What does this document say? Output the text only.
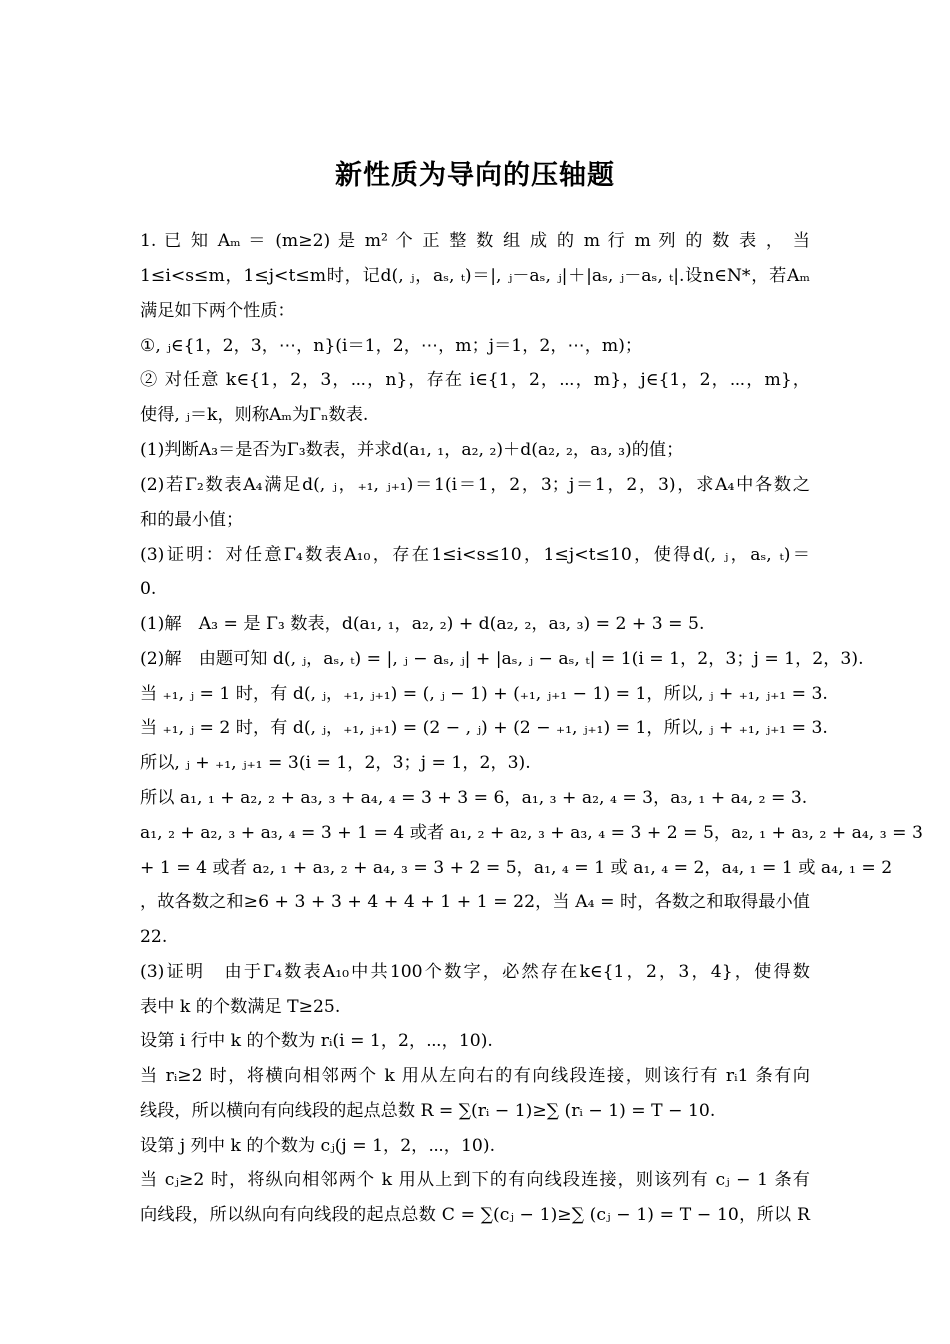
新性质为导向的压轴题
1. 已 知 Aₘ ＝ (m≥2) 是 m² 个 正 整 数 组 成 的 m 行 m 列 的 数 表 ， 当
1≤i<s≤m，1≤j<t≤m时，记d(, ⱼ，aₛ, ₜ)＝|, ⱼ－aₛ, ⱼ|＋|aₛ, ⱼ－aₛ, ₜ|.设n∈N*，若Aₘ
满足如下两个性质：
①, ⱼ∈{1，2，3，⋯，n}(i＝1，2，⋯，m；j＝1，2，⋯，m)；
② 对任意 k∈{1，2，3，⋯，n}，存在 i∈{1，2，⋯，m}，j∈{1，2，⋯，m}，
使得, ⱼ＝k，则称Aₘ为Γₙ数表.
(1)判断A₃＝是否为Γ₃数表，并求d(a₁, ₁，a₂, ₂)＋d(a₂, ₂，a₃, ₃)的值；
(2)若Γ₂数表A₄满足d(, ⱼ，₊₁, ⱼ₊₁)＝1(i＝1，2，3；j＝1，2，3)，求A₄中各数之
和的最小值；
(3)证明：对任意Γ₄数表A₁₀，存在1≤i<s≤10，1≤j<t≤10，使得d(, ⱼ，aₛ, ₜ)＝
0.
(1)解　A₃ = 是 Γ₃ 数表，d(a₁, ₁，a₂, ₂) + d(a₂, ₂，a₃, ₃) = 2 + 3 = 5.
(2)解　由题可知 d(, ⱼ，aₛ, ₜ) = |, ⱼ − aₛ, ⱼ| + |aₛ, ⱼ − aₛ, ₜ| = 1(i = 1，2，3；j = 1，2，3).
当 ₊₁, ⱼ = 1 时，有 d(, ⱼ，₊₁, ⱼ₊₁) = (, ⱼ − 1) + (₊₁, ⱼ₊₁ − 1) = 1，所以, ⱼ + ₊₁, ⱼ₊₁ = 3.
当 ₊₁, ⱼ = 2 时，有 d(, ⱼ，₊₁, ⱼ₊₁) = (2 − , ⱼ) + (2 − ₊₁, ⱼ₊₁) = 1，所以, ⱼ + ₊₁, ⱼ₊₁ = 3.
所以, ⱼ + ₊₁, ⱼ₊₁ = 3(i = 1，2，3；j = 1，2，3).
所以 a₁, ₁ + a₂, ₂ + a₃, ₃ + a₄, ₄ = 3 + 3 = 6，a₁, ₃ + a₂, ₄ = 3，a₃, ₁ + a₄, ₂ = 3.
a₁, ₂ + a₂, ₃ + a₃, ₄ = 3 + 1 = 4 或者 a₁, ₂ + a₂, ₃ + a₃, ₄ = 3 + 2 = 5，a₂, ₁ + a₃, ₂ + a₄, ₃ = 3
+ 1 = 4 或者 a₂, ₁ + a₃, ₂ + a₄, ₃ = 3 + 2 = 5，a₁, ₄ = 1 或 a₁, ₄ = 2，a₄, ₁ = 1 或 a₄, ₁ = 2
，故各数之和≥6 + 3 + 3 + 4 + 4 + 1 + 1 = 22，当 A₄ = 时，各数之和取得最小值
22.
(3)证明　由于Γ₄数表A₁₀中共100个数字，必然存在k∈{1，2，3，4}，使得数
表中 k 的个数满足 T≥25.
设第 i 行中 k 的个数为 rᵢ(i = 1，2，⋯，10).
当 rᵢ≥2 时，将横向相邻两个 k 用从左向右的有向线段连接，则该行有 rᵢ1 条有向
线段，所以横向有向线段的起点总数 R = ∑(rᵢ − 1)≥∑ (rᵢ − 1) = T − 10.
设第 j 列中 k 的个数为 cⱼ(j = 1，2，⋯，10).
当 cⱼ≥2 时，将纵向相邻两个 k 用从上到下的有向线段连接，则该列有 cⱼ − 1 条有
向线段，所以纵向有向线段的起点总数 C = ∑(cⱼ − 1)≥∑ (cⱼ − 1) = T − 10，所以 R
